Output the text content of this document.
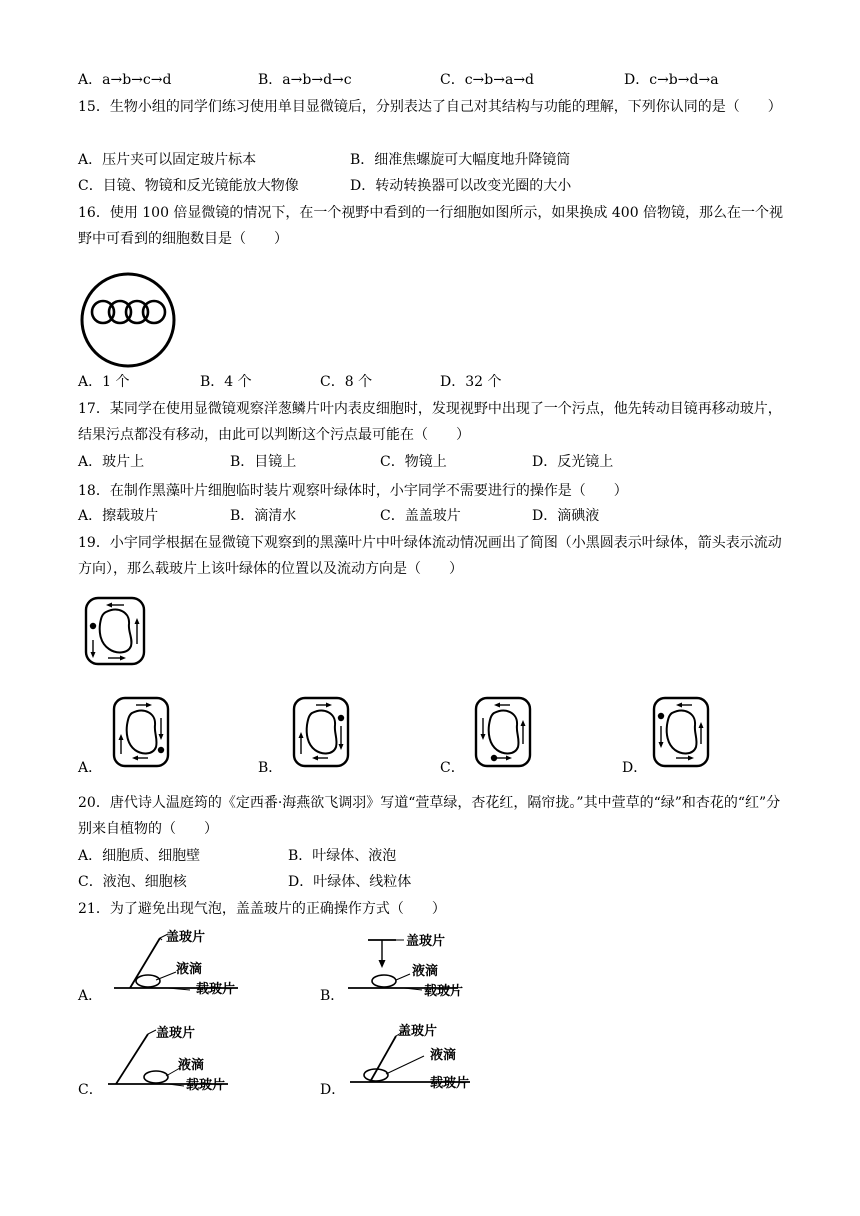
A．a→b→c→d	B．a→b→d→c	C．c→b→a→d	D．c→b→d→a
15．生物小组的同学们练习使用单目显微镜后，分别表达了自己对其结构与功能的理解，下列你认同的是（　　）
A．压片夹可以固定玻片标本	B．细准焦螺旋可大幅度地升降镜筒
C．目镜、物镜和反光镜能放大物像	D．转动转换器可以改变光圈的大小
16．使用 100 倍显微镜的情况下，在一个视野中看到的一行细胞如图所示，如果换成 400 倍物镜，那么在一个视野中可看到的细胞数目是（　　）
A．1 个	B．4 个	C．8 个	D．32 个
17．某同学在使用显微镜观察洋葱鳞片叶内表皮细胞时，发现视野中出现了一个污点，他先转动目镜再移动玻片，结果污点都没有移动，由此可以判断这个污点最可能在（　　）
A．玻片上	B．目镜上	C．物镜上	D．反光镜上
18．在制作黑藻叶片细胞临时装片观察叶绿体时，小宇同学不需要进行的操作是（　　）
A．擦载玻片	B．滴清水	C．盖盖玻片	D．滴碘液
19．小宇同学根据在显微镜下观察到的黑藻叶片中叶绿体流动情况画出了简图（小黑圆表示叶绿体，箭头表示流动方向），那么载玻片上该叶绿体的位置以及流动方向是（　　）
A．	B．	C．	D．
20．唐代诗人温庭筠的《定西番·海燕欲飞调羽》写道“萱草绿，杏花红，隔帘拢。”其中萱草的“绿”和杏花的“红”分别来自植物的（　　）
A．细胞质、细胞壁	B．叶绿体、液泡
C．液泡、细胞核	D．叶绿体、线粒体
21．为了避免出现气泡，盖盖玻片的正确操作方式（　　）
A．
盖玻片
液滴
载玻片	B．
盖玻片
液滴
载玻片
C．
盖玻片
液滴
载玻片	D．
盖玻片
液滴
载玻片
